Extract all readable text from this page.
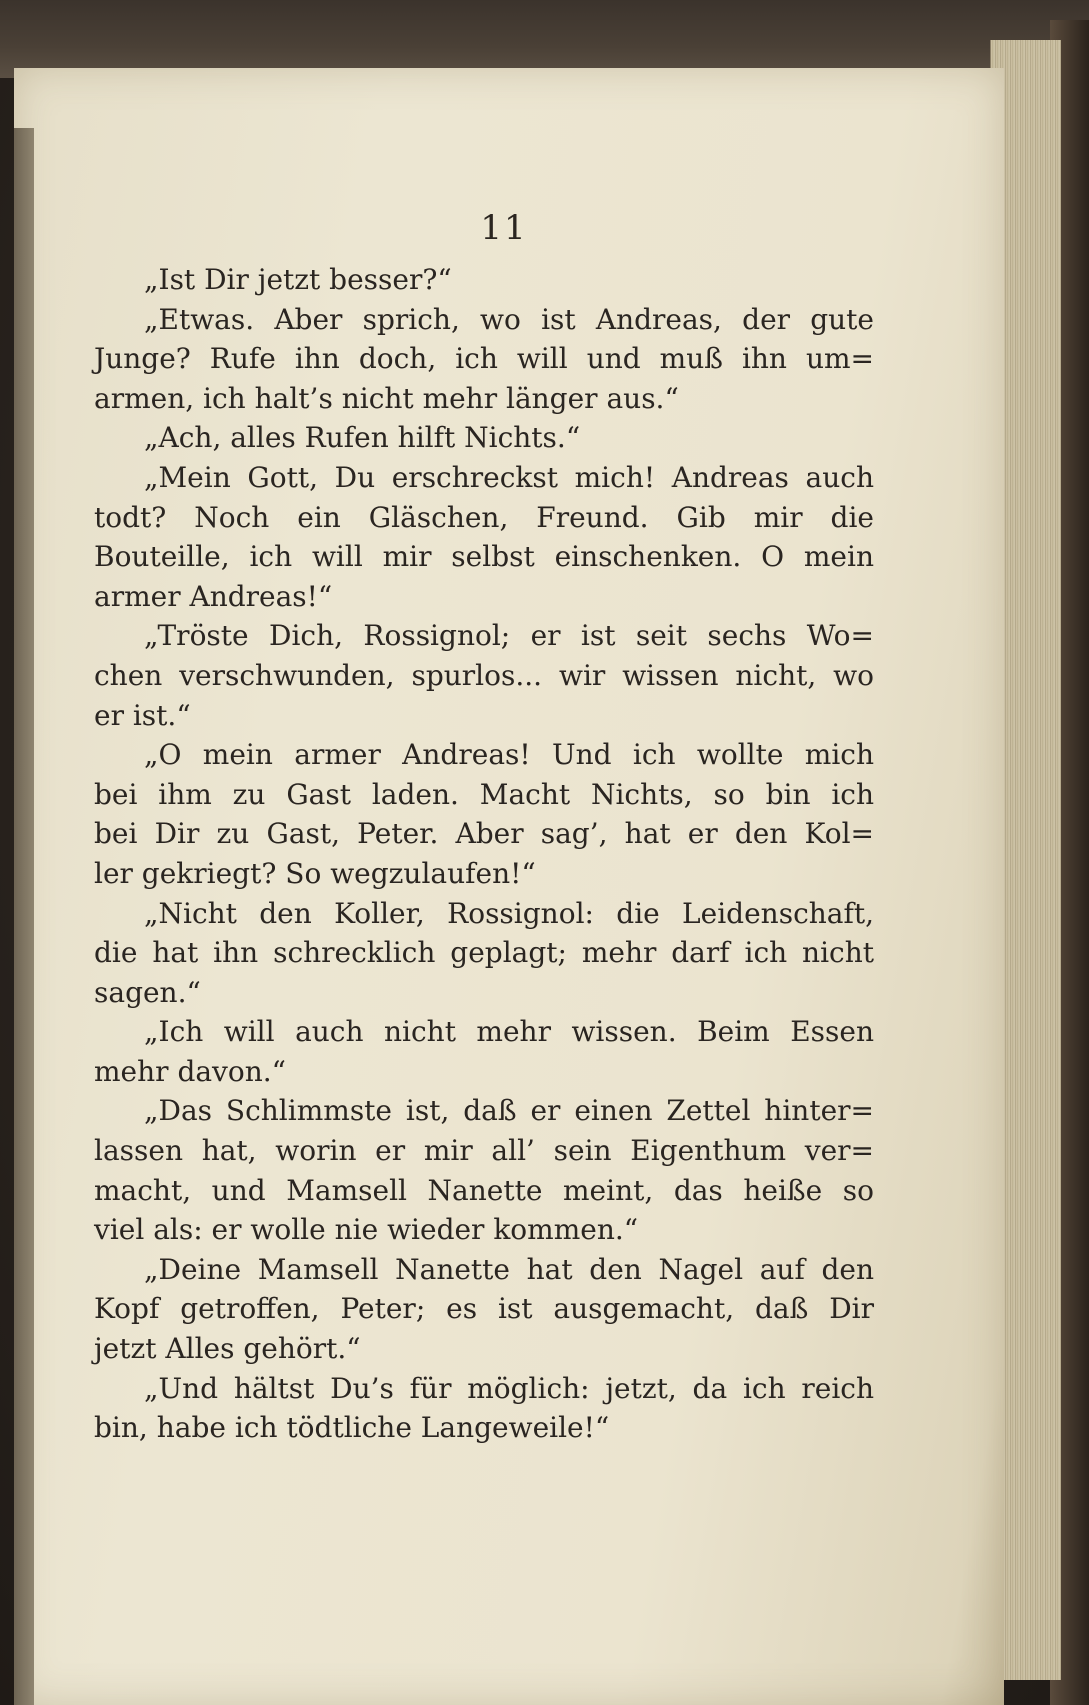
11
„Ist Dir jetzt besser?“
„Etwas. Aber sprich, wo ist Andreas, der gute
Junge? Rufe ihn doch, ich will und muß ihn um=
armen, ich halt’s nicht mehr länger aus.“
„Ach, alles Rufen hilft Nichts.“
„Mein Gott, Du erschreckst mich! Andreas auch
todt? Noch ein Gläschen, Freund. Gib mir die
Bouteille, ich will mir selbst einschenken. O mein
armer Andreas!“
„Tröste Dich, Rossignol; er ist seit sechs Wo=
chen verschwunden, spurlos... wir wissen nicht, wo
er ist.“
„O mein armer Andreas! Und ich wollte mich
bei ihm zu Gast laden. Macht Nichts, so bin ich
bei Dir zu Gast, Peter. Aber sag’, hat er den Kol=
ler gekriegt? So wegzulaufen!“
„Nicht den Koller, Rossignol: die Leidenschaft,
die hat ihn schrecklich geplagt; mehr darf ich nicht
sagen.“
„Ich will auch nicht mehr wissen. Beim Essen
mehr davon.“
„Das Schlimmste ist, daß er einen Zettel hinter=
lassen hat, worin er mir all’ sein Eigenthum ver=
macht, und Mamsell Nanette meint, das heiße so
viel als: er wolle nie wieder kommen.“
„Deine Mamsell Nanette hat den Nagel auf den
Kopf getroffen, Peter; es ist ausgemacht, daß Dir
jetzt Alles gehört.“
„Und hältst Du’s für möglich: jetzt, da ich reich
bin, habe ich tödtliche Langeweile!“
